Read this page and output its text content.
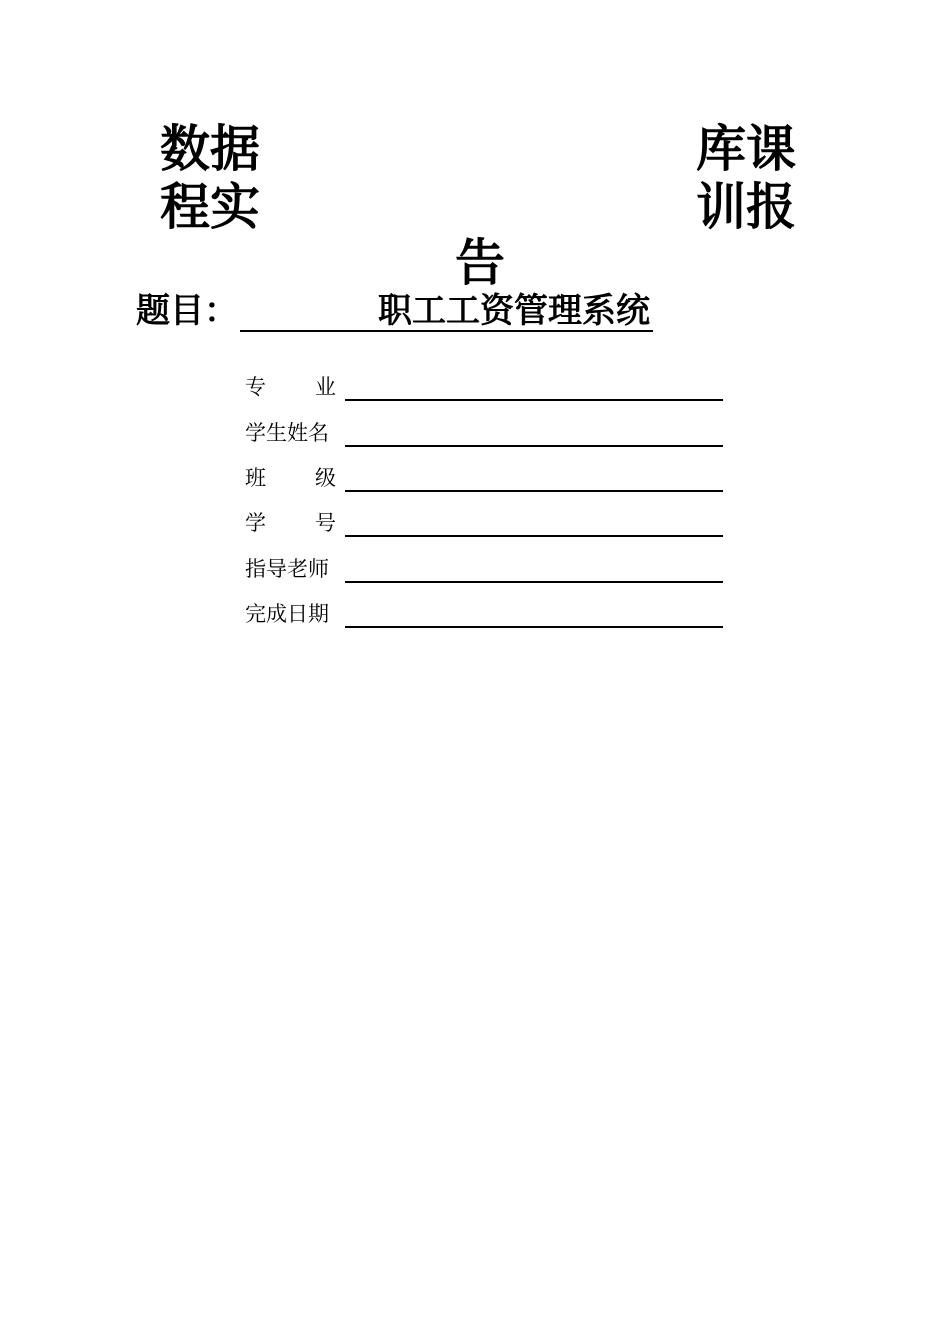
数据	库课
程实	训报
告
题目：	职工工资管理系统
专 业
学生姓名
班 级
学 号
指导老师
完成日期
